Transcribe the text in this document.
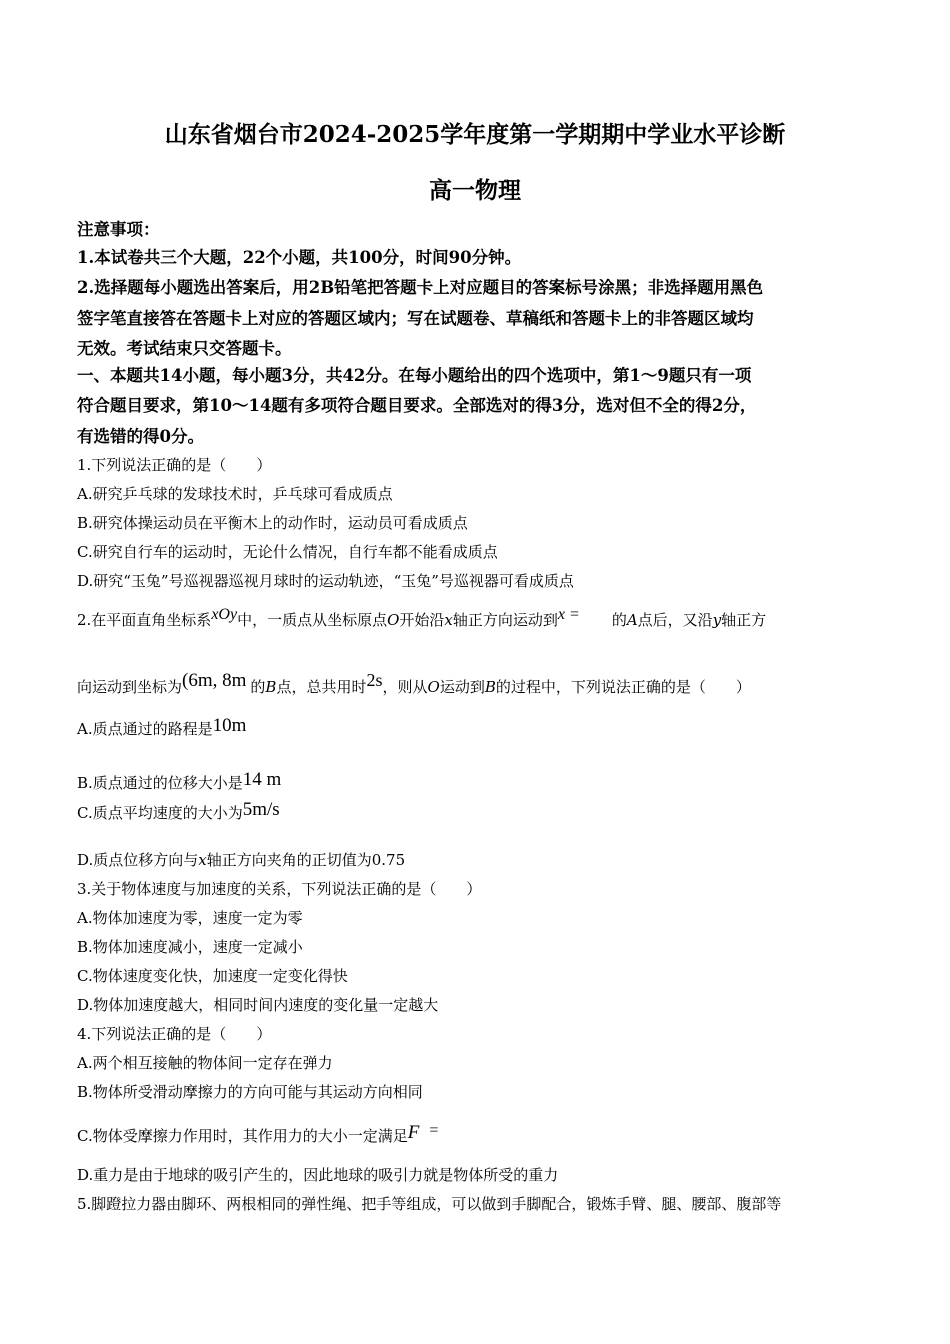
山东省烟台市2024-2025学年度第一学期期中学业水平诊断
高一物理
注意事项：
1.本试卷共三个大题，22个小题，共100分，时间90分钟。
2.选择题每小题选出答案后，用2B铅笔把答题卡上对应题目的答案标号涂黑；非选择题用黑色
签字笔直接答在答题卡上对应的答题区域内；写在试题卷、草稿纸和答题卡上的非答题区域均
无效。考试结束只交答题卡。
一、本题共14小题，每小题3分，共42分。在每小题给出的四个选项中，第1～9题只有一项
符合题目要求，第10～14题有多项符合题目要求。全部选对的得3分，选对但不全的得2分，
有选错的得0分。
1.下列说法正确的是（　　）
A.研究乒乓球的发球技术时，乒乓球可看成质点
B.研究体操运动员在平衡木上的动作时，运动员可看成质点
C.研究自行车的运动时，无论什么情况，自行车都不能看成质点
D.研究“玉兔”号巡视器巡视月球时的运动轨迹，“玉兔”号巡视器可看成质点
2.在平面直角坐标系xOy中，一质点从坐标原点O开始沿x轴正方向运动到x = 的A点后，又沿y轴正方
向运动到坐标为(6m, 8m 的B点，总共用时2s，则从O运动到B的过程中，下列说法正确的是（　　）
A.质点通过的路程是10m
B.质点通过的位移大小是14 m
C.质点平均速度的大小为5m/s
D.质点位移方向与x轴正方向夹角的正切值为0.75
3.关于物体速度与加速度的关系，下列说法正确的是（　　）
A.物体加速度为零，速度一定为零
B.物体加速度减小，速度一定减小
C.物体速度变化快，加速度一定变化得快
D.物体加速度越大，相同时间内速度的变化量一定越大
4.下列说法正确的是（　　）
A.两个相互接触的物体间一定存在弹力
B.物体所受滑动摩擦力的方向可能与其运动方向相同
C.物体受摩擦力作用时，其作用力的大小一定满足F =
D.重力是由于地球的吸引产生的，因此地球的吸引力就是物体所受的重力
5.脚蹬拉力器由脚环、两根相同的弹性绳、把手等组成，可以做到手脚配合，锻炼手臂、腿、腰部、腹部等
